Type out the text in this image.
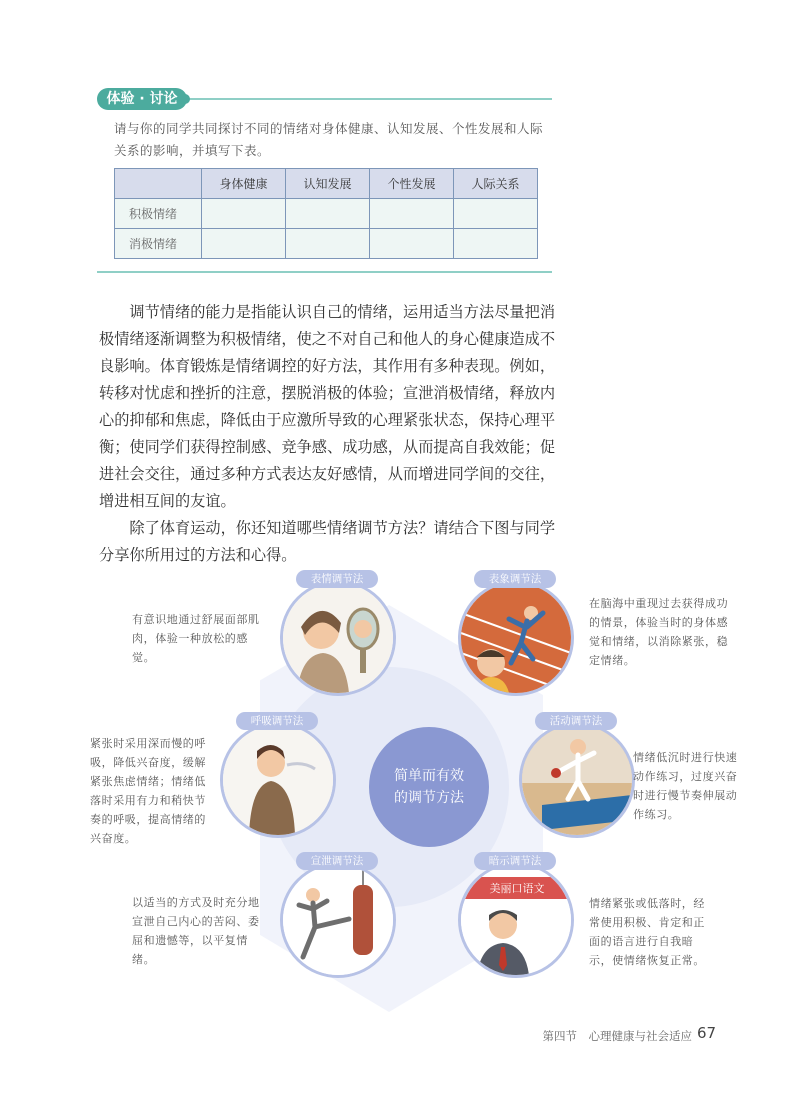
体验 · 讨论
请与你的同学共同探讨不同的情绪对身体健康、认知发展、个性发展和人际关系的影响，并填写下表。
	身体健康	认知发展	个性发展	人际关系
积极情绪				
消极情绪				

调节情绪的能力是指能认识自己的情绪，运用适当方法尽量把消极情绪逐渐调整为积极情绪，使之不对自己和他人的身心健康造成不良影响。体育锻炼是情绪调控的好方法，其作用有多种表现。例如，转移对忧虑和挫折的注意，摆脱消极的体验；宣泄消极情绪，释放内心的抑郁和焦虑，降低由于应激所导致的心理紧张状态，保持心理平衡；使同学们获得控制感、竞争感、成功感，从而提高自我效能；促进社会交往，通过多种方式表达友好感情，从而增进同学间的交往，增进相互间的友谊。

除了体育运动，你还知道哪些情绪调节方法？请结合下图与同学分享你所用过的方法和心得。

简单而有效
的调节方法
表情调节法
有意识地通过舒展面部肌肉，体验一种放松的感觉。
表象调节法
在脑海中重现过去获得成功的情景，体验当时的身体感觉和情绪，以消除紧张，稳定情绪。
呼吸调节法
紧张时采用深而慢的呼吸，降低兴奋度，缓解紧张焦虑情绪；情绪低落时采用有力和稍快节奏的呼吸，提高情绪的兴奋度。
活动调节法
情绪低沉时进行快速动作练习，过度兴奋时进行慢节奏伸展动作练习。
宣泄调节法
以适当的方式及时充分地宣泄自己内心的苦闷、委屈和遗憾等，以平复情绪。
暗示调节法
美丽口语文
情绪紧张或低落时，经常使用积极、肯定和正面的语言进行自我暗示，使情绪恢复正常。
第四节　心理健康与社会适应 67
